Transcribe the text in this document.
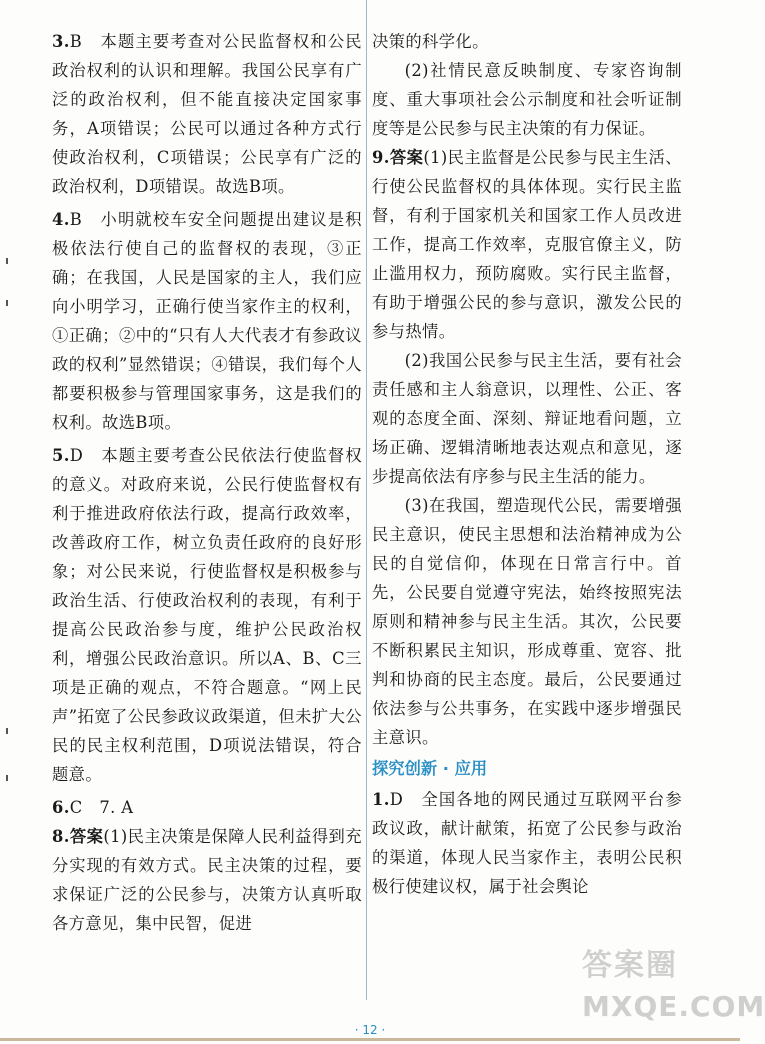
3.B　本题主要考查对公民监督权和公民政治权利的认识和理解。我国公民享有广泛的政治权利，但不能直接决定国家事务，A项错误；公民可以通过各种方式行使政治权利，C项错误；公民享有广泛的政治权利，D项错误。故选B项。

4.B　小明就校车安全问题提出建议是积极依法行使自己的监督权的表现，③正确；在我国，人民是国家的主人，我们应向小明学习，正确行使当家作主的权利，①正确；②中的“只有人大代表才有参政议政的权利”显然错误；④错误，我们每个人都要积极参与管理国家事务，这是我们的权利。故选B项。

5.D　本题主要考查公民依法行使监督权的意义。对政府来说，公民行使监督权有利于推进政府依法行政，提高行政效率，改善政府工作，树立负责任政府的良好形象；对公民来说，行使监督权是积极参与政治生活、行使政治权利的表现，有利于提高公民政治参与度，维护公民政治权利，增强公民政治意识。所以A、B、C三项是正确的观点，不符合题意。“网上民声”拓宽了公民参政议政渠道，但未扩大公民的民主权利范围，D项说法错误，符合题意。

6.C　7. A

8.答案(1)民主决策是保障人民利益得到充分实现的有效方式。民主决策的过程，要求保证广泛的公民参与，决策方认真听取各方意见，集中民智，促进

决策的科学化。

(2)社情民意反映制度、专家咨询制度、重大事项社会公示制度和社会听证制度等是公民参与民主决策的有力保证。

9.答案(1)民主监督是公民参与民主生活、行使公民监督权的具体体现。实行民主监督，有利于国家机关和国家工作人员改进工作，提高工作效率，克服官僚主义，防止滥用权力，预防腐败。实行民主监督，有助于增强公民的参与意识，激发公民的参与热情。

(2)我国公民参与民主生活，要有社会责任感和主人翁意识，以理性、公正、客观的态度全面、深刻、辩证地看问题，立场正确、逻辑清晰地表达观点和意见，逐步提高依法有序参与民主生活的能力。

(3)在我国，塑造现代公民，需要增强民主意识，使民主思想和法治精神成为公民的自觉信仰，体现在日常言行中。首先，公民要自觉遵守宪法，始终按照宪法原则和精神参与民主生活。其次，公民要不断积累民主知识，形成尊重、宽容、批判和协商的民主态度。最后，公民要通过依法参与公共事务，在实践中逐步增强民主意识。

探究创新 · 应用

1.D　全国各地的网民通过互联网平台参政议政，献计献策，拓宽了公民参与政治的渠道，体现人民当家作主，表明公民积极行使建议权，属于社会舆论

答案圈
MXQE.COM
· 12 ·
